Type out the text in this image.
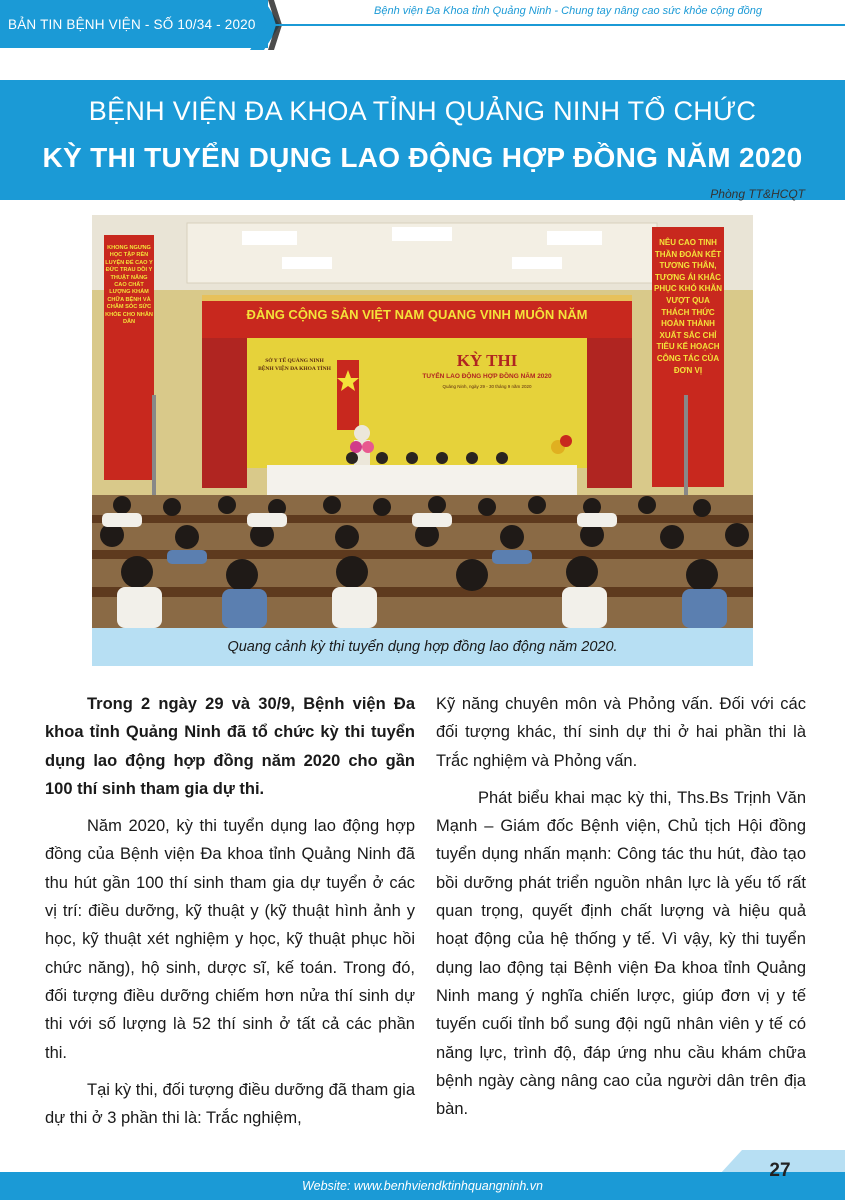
BẢN TIN BỆNH VIỆN - SỐ 10/34 - 2020
Bệnh viện Đa Khoa tỉnh Quảng Ninh - Chung tay nâng cao sức khỏe cộng đồng
BỆNH VIỆN ĐA KHOA TỈNH QUẢNG NINH TỔ CHỨC
KỲ THI TUYỂN DỤNG LAO ĐỘNG HỢP ĐỒNG NĂM 2020
Phòng TT&HCQT
KHÔNG NGỪNG HỌC TẬP RÈN LUYỆN ĐỂ CAO Y ĐỨC TRAU DỒI Y THUẬT NÂNG CAO CHẤT LƯỢNG KHÁM CHỮA BỆNH VÀ CHĂM SÓC SỨC KHỎE CHO NHÂN DÂN
NÊU CAO TINH THẦN ĐOÀN KẾT TƯƠNG THÂN, TƯƠNG ÁI KHẮC PHỤC KHÓ KHĂN VƯỢT QUA THÁCH THỨC HOÀN THÀNH XUẤT SẮC CHỈ TIÊU KẾ HOẠCH CÔNG TÁC CỦA ĐƠN VỊ
ĐẢNG CỘNG SẢN VIỆT NAM QUANG VINH MUÔN NĂM
SỞ Y TẾ QUẢNG NINH
BỆNH VIỆN ĐA KHOA TỈNH	KỲ THI
TUYỂN LAO ĐỘNG HỢP ĐỒNG NĂM 2020
Quảng Ninh, ngày 29 - 30 tháng 9 năm 2020
Quang cảnh kỳ thi tuyển dụng hợp đồng lao động năm 2020.

Trong 2 ngày 29 và 30/9, Bệnh viện Đa khoa tỉnh Quảng Ninh đã tổ chức kỳ thi tuyển dụng lao động hợp đồng năm 2020 cho gần 100 thí sinh tham gia dự thi.

Năm 2020, kỳ thi tuyển dụng lao động hợp đồng của Bệnh viện Đa khoa tỉnh Quảng Ninh đã thu hút gần 100 thí sinh tham gia dự tuyển ở các vị trí: điều dưỡng, kỹ thuật y (kỹ thuật hình ảnh y học, kỹ thuật xét nghiệm y học, kỹ thuật phục hồi chức năng), hộ sinh, dược sĩ, kế toán. Trong đó, đối tượng điều dưỡng chiếm hơn nửa thí sinh dự thi với số lượng là 52 thí sinh ở tất cả các phần thi.

Tại kỳ thi, đối tượng điều dưỡng đã tham gia dự thi ở 3 phần thi là: Trắc nghiệm,

Kỹ năng chuyên môn và Phỏng vấn. Đối với các đối tượng khác, thí sinh dự thi ở hai phần thi là Trắc nghiệm và Phỏng vấn.

Phát biểu khai mạc kỳ thi, Ths.Bs Trịnh Văn Mạnh – Giám đốc Bệnh viện, Chủ tịch Hội đồng tuyển dụng nhấn mạnh: Công tác thu hút, đào tạo bồi dưỡng phát triển nguồn nhân lực là yếu tố rất quan trọng, quyết định chất lượng và hiệu quả hoạt động của hệ thống y tế. Vì vậy, kỳ thi tuyển dụng lao động tại Bệnh viện Đa khoa tỉnh Quảng Ninh mang ý nghĩa chiến lược, giúp đơn vị y tế tuyến cuối tỉnh bổ sung đội ngũ nhân viên y tế có năng lực, trình độ, đáp ứng nhu cầu khám chữa bệnh ngày càng nâng cao của người dân trên địa bàn.

Website: www.benhviendktinhquangninh.vn
27
